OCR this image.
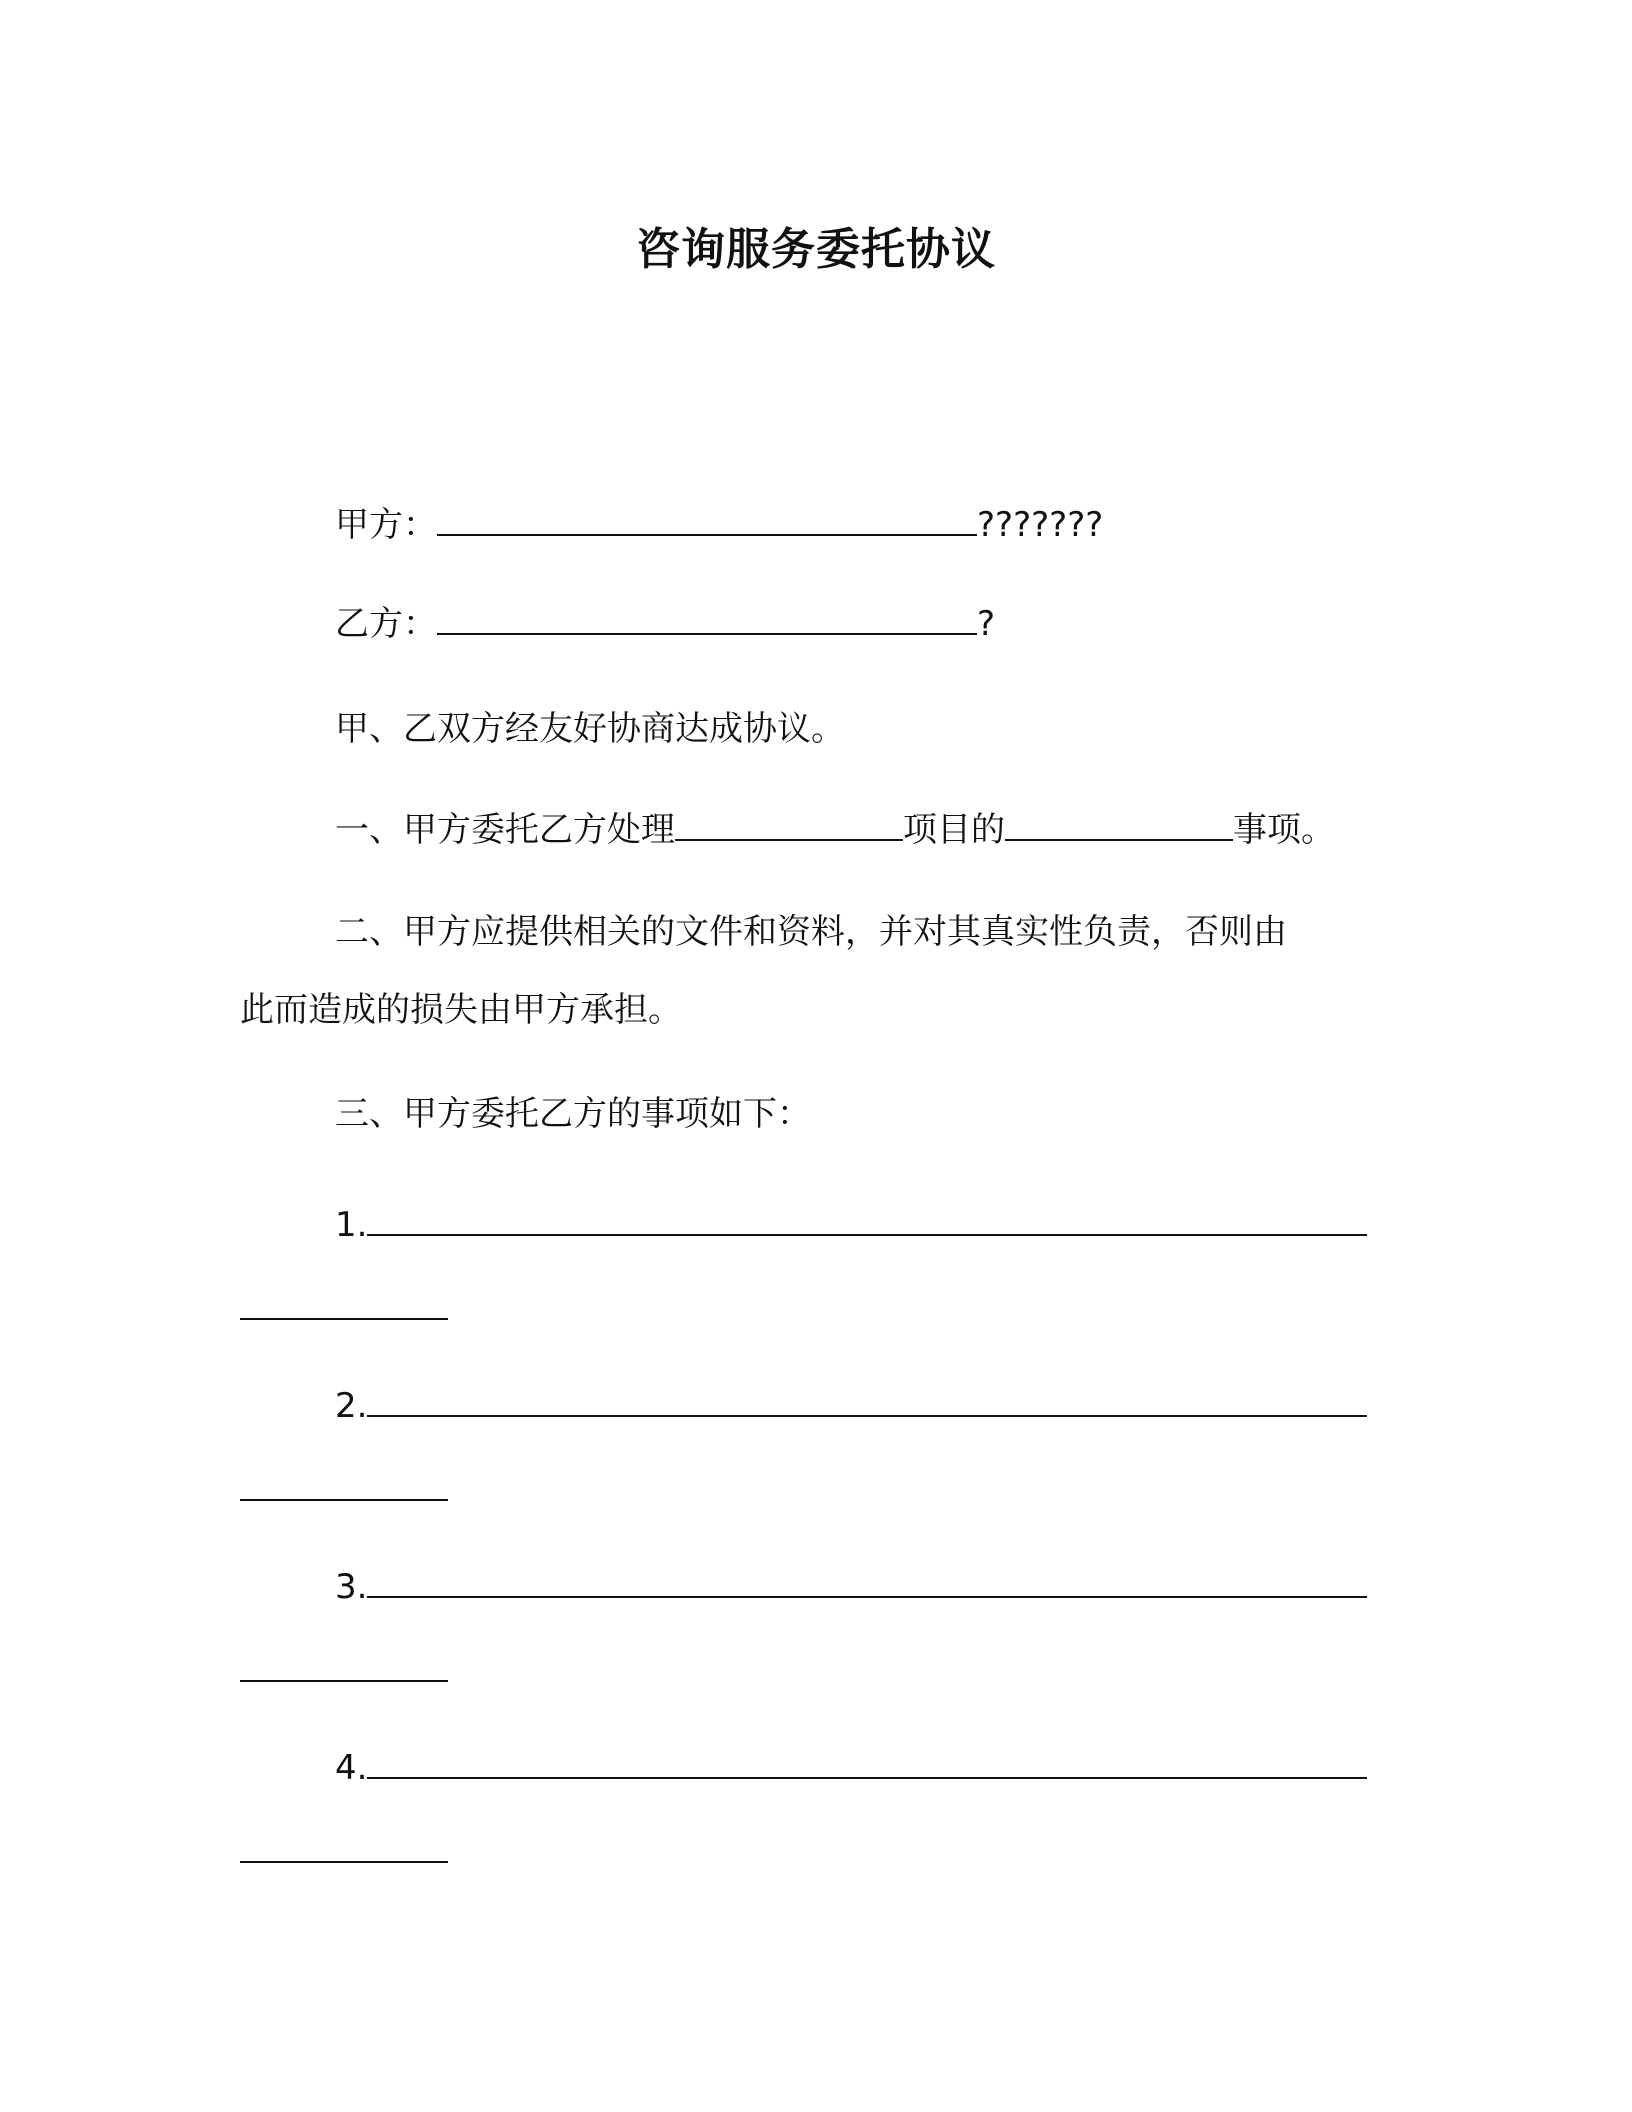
咨询服务委托协议
甲方：	???????
乙方：	?
甲、乙双方经友好协商达成协议。
一、甲方委托乙方处理	项目的	事项。
二、甲方应提供相关的文件和资料，并对其真实性负责，否则由
此而造成的损失由甲方承担。
三、甲方委托乙方的事项如下：
1.
2.
3.
4.
